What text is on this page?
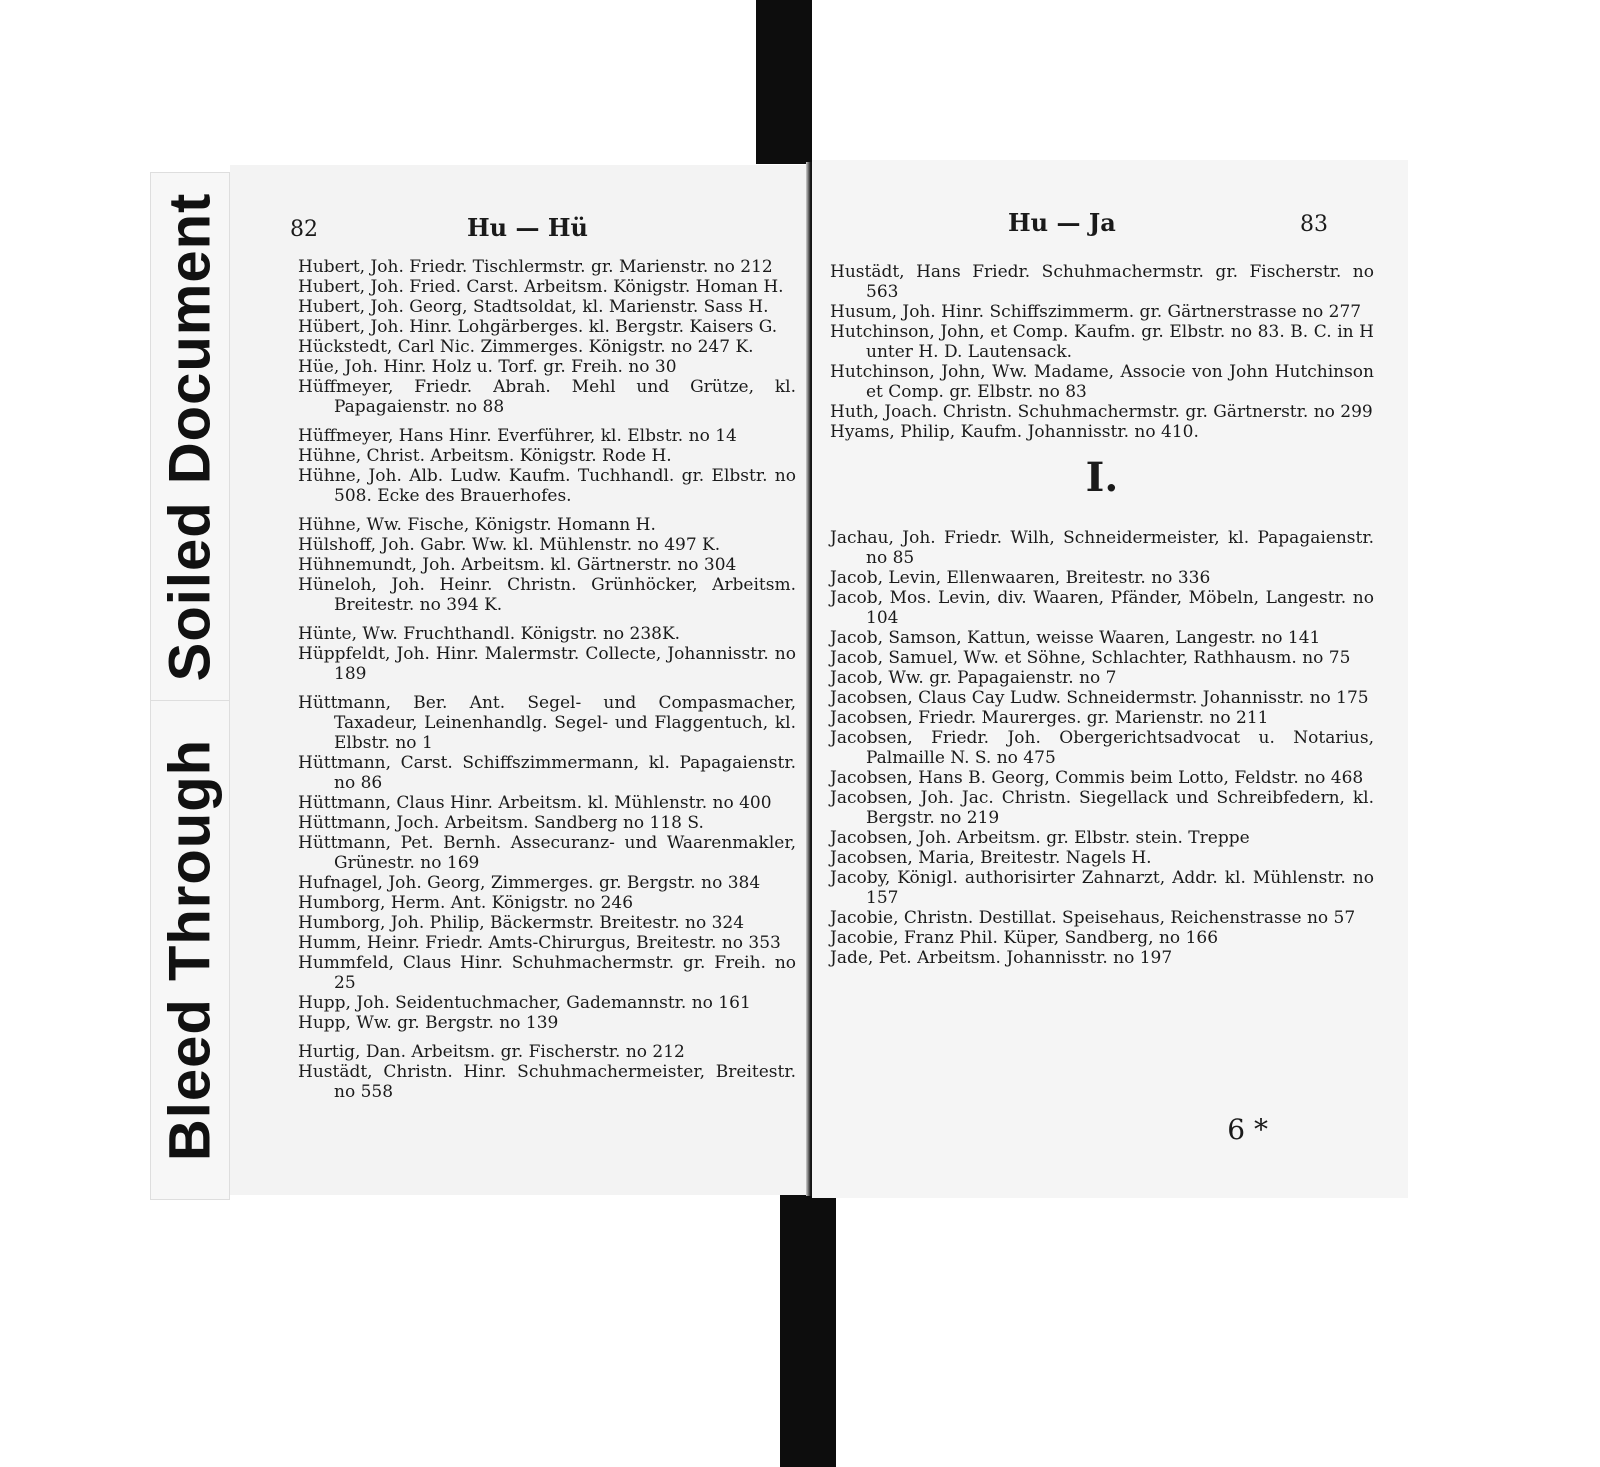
Soiled Document
Bleed Through
82	Hu — Hü

Hubert, Joh. Friedr. Tischlermstr. gr. Marienstr. no 212

Hubert, Joh. Fried. Carst. Arbeitsm. Königstr. Homan H.

Hubert, Joh. Georg, Stadtsoldat, kl. Marienstr. Sass H.

Hübert, Joh. Hinr. Lohgärberges. kl. Bergstr. Kaisers G.

Hückstedt, Carl Nic. Zimmerges. Königstr. no 247 K.

Hüe, Joh. Hinr. Holz u. Torf. gr. Freih. no 30

Hüffmeyer, Friedr. Abrah. Mehl und Grütze, kl. Papagaienstr. no 88

Hüffmeyer, Hans Hinr. Everführer, kl. Elbstr. no 14

Hühne, Christ. Arbeitsm. Königstr. Rode H.

Hühne, Joh. Alb. Ludw. Kaufm. Tuchhandl. gr. Elbstr. no 508. Ecke des Brauerhofes.

Hühne, Ww. Fische, Königstr. Homann H.

Hülshoff, Joh. Gabr. Ww. kl. Mühlenstr. no 497 K.

Hühnemundt, Joh. Arbeitsm. kl. Gärtnerstr. no 304

Hüneloh, Joh. Heinr. Christn. Grünhöcker, Arbeitsm. Breitestr. no 394 K.

Hünte, Ww. Fruchthandl. Königstr. no 238K.

Hüppfeldt, Joh. Hinr. Malermstr. Collecte, Johannisstr. no 189

Hüttmann, Ber. Ant. Segel- und Compasmacher, Taxadeur, Leinenhandlg. Segel- und Flaggentuch, kl. Elbstr. no 1

Hüttmann, Carst. Schiffszimmermann, kl. Papagaienstr. no 86

Hüttmann, Claus Hinr. Arbeitsm. kl. Mühlenstr. no 400

Hüttmann, Joch. Arbeitsm. Sandberg no 118 S.

Hüttmann, Pet. Bernh. Assecuranz- und Waarenmakler, Grünestr. no 169

Hufnagel, Joh. Georg, Zimmerges. gr. Bergstr. no 384

Humborg, Herm. Ant. Königstr. no 246

Humborg, Joh. Philip, Bäckermstr. Breitestr. no 324

Humm, Heinr. Friedr. Amts-Chirurgus, Breitestr. no 353

Hummfeld, Claus Hinr. Schuhmachermstr. gr. Freih. no 25

Hupp, Joh. Seidentuchmacher, Gademannstr. no 161

Hupp, Ww. gr. Bergstr. no 139

Hurtig, Dan. Arbeitsm. gr. Fischerstr. no 212

Hustädt, Christn. Hinr. Schuhmachermeister, Breitestr. no 558

Hu — Ja	83

Hustädt, Hans Friedr. Schuhmachermstr. gr. Fischerstr. no 563

Husum, Joh. Hinr. Schiffszimmerm. gr. Gärtnerstrasse no 277

Hutchinson, John, et Comp. Kaufm. gr. Elbstr. no 83. B. C. in H unter H. D. Lautensack.

Hutchinson, John, Ww. Madame, Associe von John Hutchinson et Comp. gr. Elbstr. no 83

Huth, Joach. Christn. Schuhmachermstr. gr. Gärtnerstr. no 299

Hyams, Philip, Kaufm. Johannisstr. no 410.

I.

Jachau, Joh. Friedr. Wilh, Schneidermeister, kl. Papagaienstr. no 85

Jacob, Levin, Ellenwaaren, Breitestr. no 336

Jacob, Mos. Levin, div. Waaren, Pfänder, Möbeln, Langestr. no 104

Jacob, Samson, Kattun, weisse Waaren, Langestr. no 141

Jacob, Samuel, Ww. et Söhne, Schlachter, Rathhausm. no 75

Jacob, Ww. gr. Papagaienstr. no 7

Jacobsen, Claus Cay Ludw. Schneidermstr. Johannisstr. no 175

Jacobsen, Friedr. Maurerges. gr. Marienstr. no 211

Jacobsen, Friedr. Joh. Obergerichtsadvocat u. Notarius, Palmaille N. S. no 475

Jacobsen, Hans B. Georg, Commis beim Lotto, Feldstr. no 468

Jacobsen, Joh. Jac. Christn. Siegellack und Schreibfedern, kl. Bergstr. no 219

Jacobsen, Joh. Arbeitsm. gr. Elbstr. stein. Treppe

Jacobsen, Maria, Breitestr. Nagels H.

Jacoby, Königl. authorisirter Zahnarzt, Addr. kl. Mühlenstr. no 157

Jacobie, Christn. Destillat. Speisehaus, Reichenstrasse no 57

Jacobie, Franz Phil. Küper, Sandberg, no 166

Jade, Pet. Arbeitsm. Johannisstr. no 197

6 *
